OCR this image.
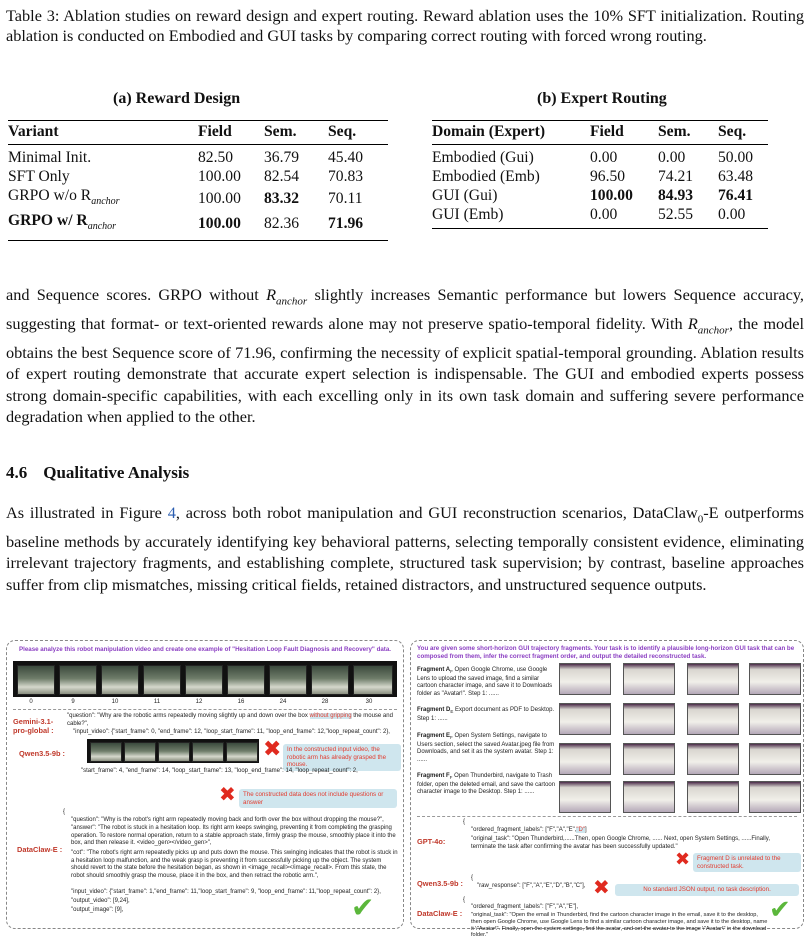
Table 3: Ablation studies on reward design and expert routing. Reward ablation uses the 10% SFT initialization. Routing ablation is conducted on Embodied and GUI tasks by comparing correct routing with forced wrong routing.
(a) Reward Design
Variant	Field	Sem.	Seq.

Minimal Init.	82.50	36.79	45.40
SFT Only	100.00	82.54	70.83
GRPO w/o $R_{anchor}$	100.00	83.32	70.11
GRPO w/ $R_{anchor}$	100.00	82.36	71.96
(b) Expert Routing
Domain (Expert)	Field	Sem.	Seq.

Embodied (Gui)	0.00	0.00	50.00
Embodied (Emb)	96.50	74.21	63.48
GUI (Gui)	100.00	84.93	76.41
GUI (Emb)	0.00	52.55	0.00
and Sequence scores. GRPO without $R_{anchor}$ slightly increases Semantic performance but lowers Sequence accuracy, suggesting that format- or text-oriented rewards alone may not preserve spatio-temporal fidelity. With $R_{anchor}$, the model obtains the best Sequence score of 71.96, confirming the necessity of explicit spatial-temporal grounding. Ablation results of expert routing demonstrate that accurate expert selection is indispensable. The GUI and embodied experts possess strong domain-specific capabilities, with each excelling only in its own task domain and suffering severe performance degradation when applied to the other.
4.6 Qualitative Analysis
As illustrated in Figure 4, across both robot manipulation and GUI reconstruction scenarios, DataClaw$_0$-E outperforms baseline methods by accurately identifying key behavioral patterns, selecting temporally consistent evidence, eliminating irrelevant trajectory fragments, and establishing complete, structured task supervision; by contrast, baseline approaches suffer from clip mismatches, missing critical fields, retained distractors, and unstructured sequence outputs.
Please analyze this robot manipulation video and create one example of "Hesitation Loop Fault Diagnosis and Recovery" data.
0	9	10	11	12	16	24	28	30
Gemini-3.1-pro-global :
"question": "Why are the robotic arms repeatedly moving slightly up and down over the box without gripping the mouse and cable?",
"input_video": {"start_frame": 0, "end_frame": 12, "loop_start_frame": 11, "loop_end_frame": 12,"loop_repeat_count": 2},
Qwen3.5-9b :	✖ In the constructed input video, the robotic arm has already grasped the mouse.
"start_frame": 4, "end_frame": 14, "loop_start_frame": 13, "loop_end_frame": 14, "loop_repeat_count": 2,
✖	The constructed data does not include questions or answer
{
"question": "Why is the robot's right arm repeatedly moving back and forth over the box without dropping the mouse?",
DataClaw-E :
"answer": "The robot is stuck in a hesitation loop. Its right arm keeps swinging, preventing it from completing the grasping operation. To restore normal operation, return to a stable approach state, firmly grasp the mouse, smoothly place it into the box, and then release it. <video_gen></video_gen>",
"cot": "The robot's right arm repeatedly picks up and puts down the mouse. This swinging indicates that the robot is stuck in a hesitation loop malfunction, and the weak grasp is preventing it from successfully picking up the object. The system should revert to the state before the hesitation began, as shown in <image_recall></image_recall>. From this state, the robot should smoothly grasp the mouse, place it in the box, and then retract the robotic arm.",
"input_video": {"start_frame": 1,"end_frame": 11,"loop_start_frame": 9, "loop_end_frame": 11,"loop_repeat_count": 2},
"output_video": [9,24],
"output_image": [9],	✔
You are given some short-horizon GUI trajectory fragments. Your task is to identify a plausible long-horizon GUI task that can be composed from them, infer the correct fragment order, and output the detailed reconstructed task.
Fragment $A_F$ Open Google Chrome, use Google Lens to upload the saved image, find a similar cartoon character image, and save it to Downloads folder as "Avatar!". Step 1: ......
Fragment $D_E$ Export document as PDF to Desktop. Step 1: ......
Fragment $E_F$ Open System Settings, navigate to Users section, select the saved Avatar.jpeg file from Downloads, and set it as the system avatar. Step 1: ......
Fragment $F_F$ Open Thunderbird, navigate to Trash folder, open the deleted email, and save the cartoon character image to the Desktop. Step 1: ......
{
"ordered_fragment_labels": ["F","A","E","D"]
GPT-4o:	"original_task": "Open Thunderbird,......Then, open Google Chrome, ...... Next, open System Settings, ......Finally, terminate the task after confirming the avatar has been successfully updated."
✖	Fragment D is unrelated to the constructed task.
Qwen3.5-9b :
{
"raw_response": ["F","A","E","D","B","C"], ✖	No standard JSON output, no task description.
{
"ordered_fragment_labels": ["F","A","E"],
DataClaw-E : "original_task": "Open the email in Thunderbird, find the cartoon character image in the email, save it to the desktop, then open Google Chrome, use Google Lens to find a similar cartoon character image, and save it to the desktop, name it \"Avatar\". Finally, open the system settings, find the avatar, and set the avatar to the image \"Avatar\" in the download folder."
✔
